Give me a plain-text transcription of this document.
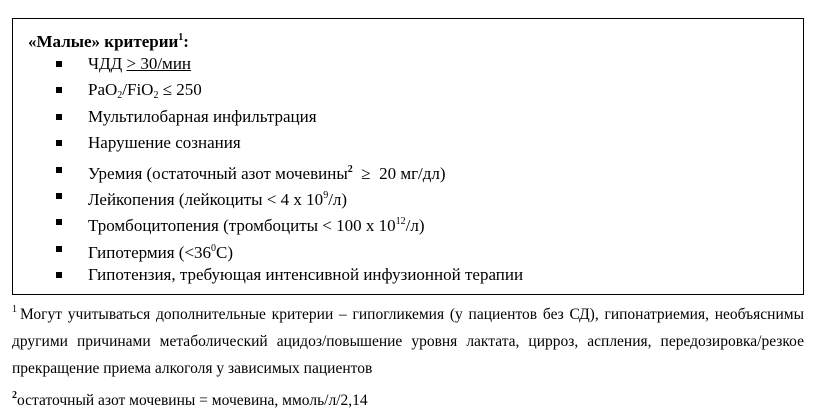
«Малые» критерии$^1$:
ЧДД > 30/мин
PaO$_2$/FiO$_2$ ≤ 250
Мультилобарная инфильтрация
Нарушение сознания
Уремия (остаточный азот мочевины$^2$  ≥  20 мг/дл)
Лейкопения (лейкоциты < 4 x $10^9/л$)
Тромбоцитопения (тромбоциты < 100 x $10^{12}/л$)
Гипотермия $(<36^0C)$
Гипотензия, требующая интенсивной инфузионной терапии
$^1$ Могут учитываться дополнительные критерии – гипогликемия (у пациентов без СД), гипонатриемия, необъяснимы другими причинами метаболический ацидоз/повышение уровня лактата, цирроз, аспления, передозировка/резкое прекращение приема алкоголя у зависимых пациентов
$^2$остаточный азот мочевины = мочевина, ммоль/л/2,14
